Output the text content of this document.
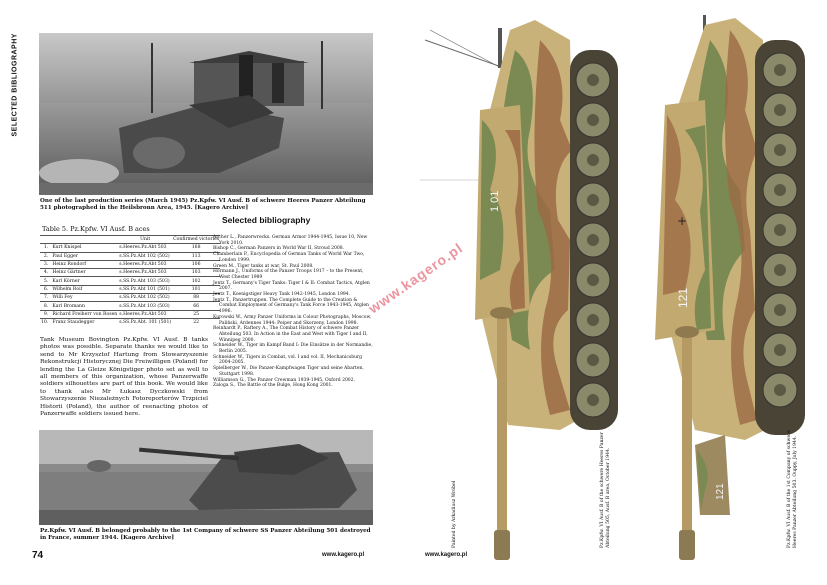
SELECTED BIBLIOGRAPHY
One of the last production series (March 1945) Pz.Kpfw. VI Ausf. B of schwere Heeres Panzer Abteilung 511 photographed in the Heilsbronn Area, 1945. [Kagero Archive]
Table 5. Pz.Kpfw. VI Ausf. B aces
		Unit	Confirmed victories
1.	Kurt Knispel	s.Heeres.Pz.Abt 503	168
2.	Paul Egger	s.SS.Pz.Abt 102 (502)	113
3.	Heinz Rondorf	s.Heeres.Pz.Abt 503	106
4.	Heinz Gärtner	s.Heeres.Pz.Abt 503	103
5.	Karl Körner	s.SS.Pz.Abt 103 (503)	102
6.	Wilhelm Roif	s.SS.Pz.Abt 101 (501)	101
7.	Willi Fey	s.SS.Pz.Abt 102 (502)	88
8.	Karl Bromann	s.SS.Pz.Abt 103 (503)	66
9.	Richard Freiherr von Rosen	s.Heeres.Pz.Abt 503	25
10.	Franz Staudegger	s.SS.Pz.Abt. 101 (501)	22
Tank Museum Bovington Pz.Kpfw. VI Ausf. B tanks photos was possible. Separate thanks we would like to send to Mr Krzysztof Hartung from Stowarzyszenie Rekonstrukcji Historycznej Die Freiwilligen (Poland) for lending the La Gleize Königstiger photo set as well to all members of this organization, whose Panzerwaffe soldiers silhouettes are part of this book. We would like to thank also Mr Łukasz Dyczkowski from Stowarzyszenie Niezależnych Fotoreporterów Trzpiciel Historii (Poland), the author of reenacting photos of Panzerwaffe soldiers issued here.
Selected bibliography
Archer L., Panzerwrecks. German Armor 1944-1945, Issue 10, New York 2010.
Bishop C., German Panzers in World War II, Stroud 2008.
Chamberlain P., Encyclopedia of German Tanks of World War Two, London 1999.
Green M., Tiger tanks at war, St. Paul 2008.
Hormann J., Uniforms of the Panzer Troops 1917 – to the Present, West Chester 1989
Jentz T., Germany's Tiger Tanks: Tiger I & II: Combat Tactics, Atglen 2007.
Jentz T., Koenigstiger Heavy Tank 1942-1945, London 1994.
Jentz T., Panzertruppen. The Complete Guide to the Creation & Combat Employment of Germany's Tank Force 1943-1945, Atglen 1996.
Kurowski W., Army Panzer Uniforms in Colour Photographs, Moscow, Paliński, Ardennes 1944: Peiper and Skorzeny, London 1998.
Reinhardt P., Raftery A., The Combat History of schwere Panzer Abteilung 503. In Action in the East and West with Tiger I and II, Winnipeg 2000.
Schneider W., Tiger im Kampf Band I: Die Einsätze in der Normandie, Berlin 2005.
Schneider W., Tigers in Combat, vol. I and vol. II, Mechanicsburg 2004-2005.
Spielberger W., Die Panzer-Kampfwagen Tiger und seine Abarten, Stuttgart 1998.
Williamson G., The Panzer Crewman 1939-1945, Oxford 2002.
Zaloga S., The Battle of the Bulge, Hong Kong 2001.
Pz.Kpfw. VI Ausf. B belonged probably to the 1st Company of schwere SS Panzer Abteilung 501 destroyed in France, summer 1944. [Kagero Archive]
74	www.kagero.pl	www.kagero.pl
1 01
+
121
121
Painted by Arkadiusz Wróbel	Pz.Kpfw. VI Ausf. B of the schwere Heeres Panzer Abteilung 505, Ausf. B area, October 1944.	Pz.Kpfw. VI Ausf. B of the 1st Company of schwere Heeres Panzer Abteilung 503. Ouppy, July 1944.
www.kagero.pl
